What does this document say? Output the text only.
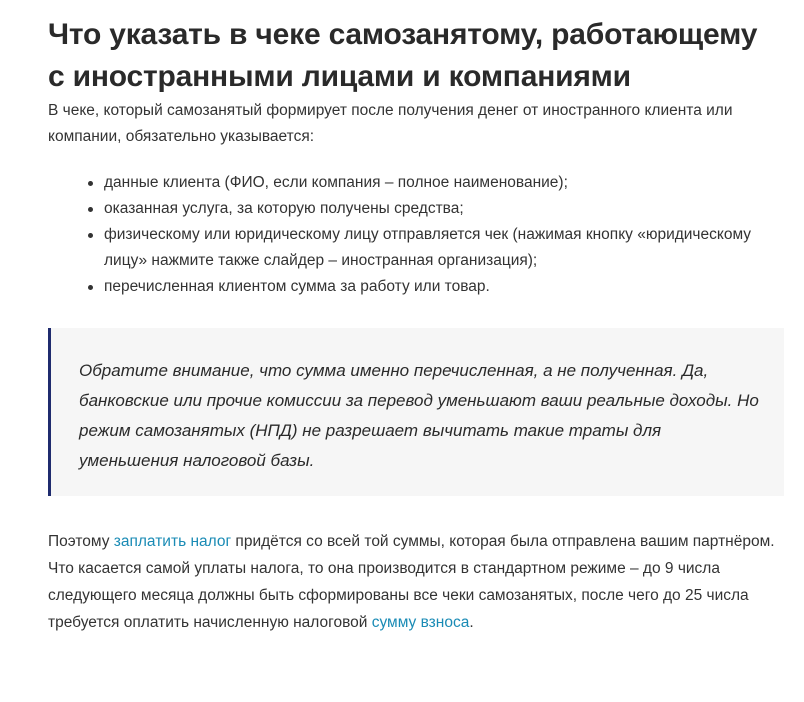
Что указать в чеке самозанятому, работающему с иностранными лицами и компаниями

В чеке, который самозанятый формирует после получения денег от иностранного клиента или компании, обязательно указывается:

данные клиента (ФИО, если компания – полное наименование);
оказанная услуга, за которую получены средства;
физическому или юридическому лицу отправляется чек (нажимая кнопку «юридическому лицу» нажмите также слайдер – иностранная организация);
перечисленная клиентом сумма за работу или товар.

Обратите внимание, что сумма именно перечисленная, а не полученная. Да, банковские или прочие комиссии за перевод уменьшают ваши реальные доходы. Но режим самозанятых (НПД) не разрешает вычитать такие траты для уменьшения налоговой базы.

Поэтому заплатить налог придётся со всей той суммы, которая была отправлена вашим партнёром. Что касается самой уплаты налога, то она производится в стандартном режиме – до 9 числа следующего месяца должны быть сформированы все чеки самозанятых, после чего до 25 числа требуется оплатить начисленную налоговой сумму взноса.
